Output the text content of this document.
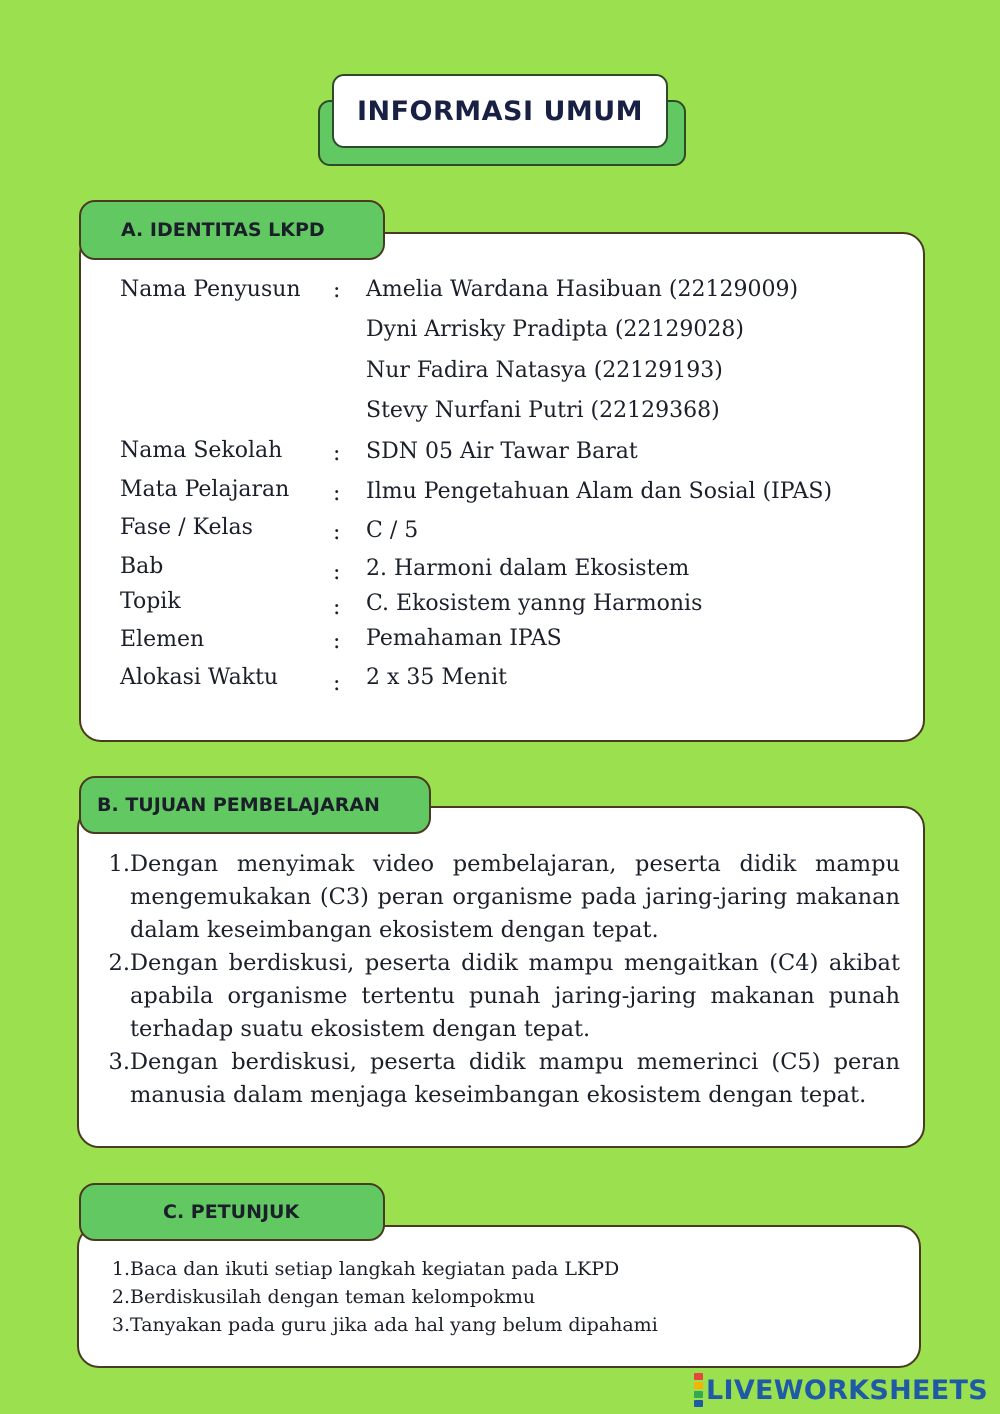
INFORMASI UMUM
A. IDENTITAS LKPD
Nama Penyusun : Amelia Wardana Hasibuan (22129009)
Dyni Arrisky Pradipta (22129028)
Nur Fadira Natasya (22129193)
Stevy Nurfani Putri (22129368)
Nama Sekolah : SDN 05 Air Tawar Barat
Mata Pelajaran : Ilmu Pengetahuan Alam dan Sosial (IPAS)
Fase / Kelas	: C / 5
Bab	: 2. Harmoni dalam Ekosistem
Topik	: C. Ekosistem yanng Harmonis
Elemen	: Pemahaman IPAS
Alokasi Waktu : 2 x 35 Menit
B. TUJUAN PEMBELAJARAN
1. Dengan menyimak video pembelajaran, peserta didik mampu mengemukakan (C3) peran organisme pada jaring-jaring makanan dalam keseimbangan ekosistem dengan tepat.
2. Dengan berdiskusi, peserta didik mampu mengaitkan (C4) akibat apabila organisme tertentu punah jaring-jaring makanan punah terhadap suatu ekosistem dengan tepat.
3. Dengan berdiskusi, peserta didik mampu memerinci (C5) peran manusia dalam menjaga keseimbangan ekosistem dengan tepat.
C. PETUNJUK
1. Baca dan ikuti setiap langkah kegiatan pada LKPD
2. Berdiskusilah dengan teman kelompokmu
3. Tanyakan pada guru jika ada hal yang belum dipahami
LIVEWORKSHEETS
